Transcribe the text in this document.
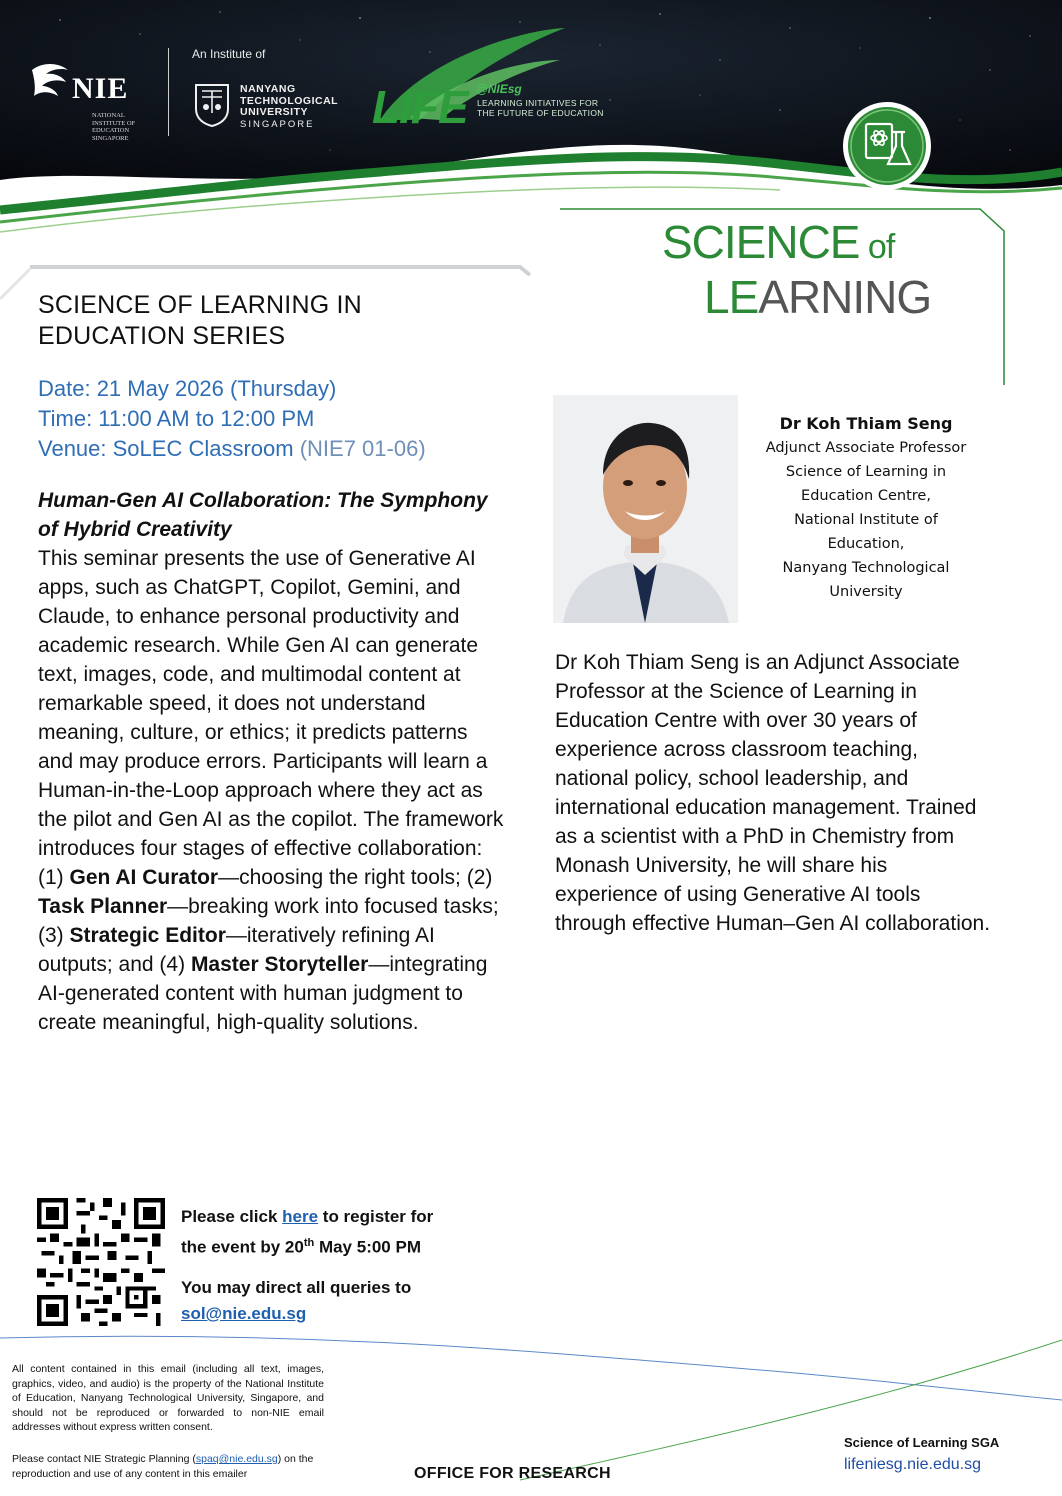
NIE
NATIONAL INSTITUTE OF EDUCATION SINGAPORE
An Institute of
NANYANG
TECHNOLOGICAL
UNIVERSITY
SINGAPORE	LIFE @NIEsg
LEARNING INITIATIVES FOR
THE FUTURE OF EDUCATION
SCIENCE of
LEARNING
SCIENCE OF LEARNING IN
EDUCATION SERIES
Date: 21 May 2026 (Thursday)
Time: 11:00 AM to 12:00 PM
Venue: SoLEC Classroom (NIE7 01-06)
Human-Gen AI Collaboration: The Symphony of Hybrid Creativity
This seminar presents the use of Generative AI apps, such as ChatGPT, Copilot, Gemini, and Claude, to enhance personal productivity and academic research. While Gen AI can generate text, images, code, and multimodal content at remarkable speed, it does not understand meaning, culture, or ethics; it predicts patterns and may produce errors. Participants will learn a Human-in-the-Loop approach where they act as the pilot and Gen AI as the copilot. The framework introduces four stages of effective collaboration: (1) Gen AI Curator—choosing the right tools; (2) Task Planner—breaking work into focused tasks; (3) Strategic Editor—iteratively refining AI outputs; and (4) Master Storyteller—integrating AI-generated content with human judgment to create meaningful, high-quality solutions.
Dr Koh Thiam Seng
Adjunct Associate Professor
Science of Learning in
Education Centre,
National Institute of
Education,
Nanyang Technological
University
Dr Koh Thiam Seng is an Adjunct Associate Professor at the Science of Learning in Education Centre with over 30 years of experience across classroom teaching, national policy, school leadership, and international education management. Trained as a scientist with a PhD in Chemistry from Monash University, he will share his experience of using Generative AI tools through effective Human–Gen AI collaboration.
Please click here to register for
the event by 20th May 5:00 PM
You may direct all queries to
sol@nie.edu.sg
All content contained in this email (including all text, images, graphics, video, and audio) is the property of the National Institute of Education, Nanyang Technological University, Singapore, and should not be reproduced or forwarded to non-NIE email addresses without express written consent.
Please contact NIE Strategic Planning (spaq@nie.edu.sg) on the reproduction and use of any content in this emailer	OFFICE FOR RESEARCH
Science of Learning SGA
lifeniesg.nie.edu.sg
